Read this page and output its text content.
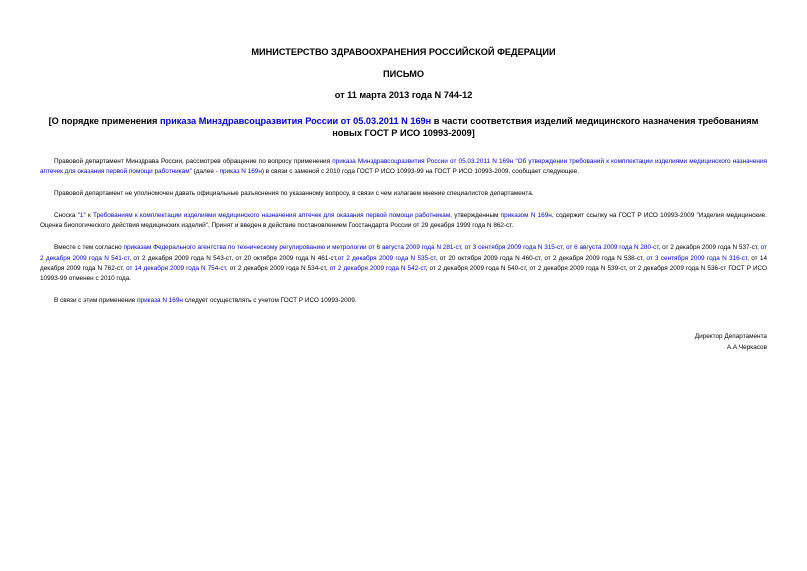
МИНИСТЕРСТВО ЗДРАВООХРАНЕНИЯ РОССИЙСКОЙ ФЕДЕРАЦИИ
ПИСЬМО
от 11 марта 2013 года N 744-12

[О порядке применения приказа Минздравсоцразвития России от 05.03.2011 N 169н в части соответствия изделий медицинского назначения требованиям новых ГОСТ Р ИСО 10993-2009]

Правовой департамент Минздрава России, рассмотрев обращение по вопросу применения приказа Минздравсоцразвития России от 05.03.2011 N 169н "Об утверждении требований к комплектации изделиями медицинского назначения аптечек для оказания первой помощи работникам" (далее - приказ N 169н) в связи с заменой с 2010 года ГОСТ Р ИСО 10993-99 на ГОСТ Р ИСО 10993-2009, сообщает следующее.

Правовой департамент не уполномочен давать официальные разъяснения по указанному вопросу, в связи с чем излагаем мнение специалистов департамента.

Сноска "1" к Требованиям к комплектации изделиями медицинского назначения аптечек для оказания первой помощи работникам, утвержденным приказом N 169н, содержит ссылку на ГОСТ Р ИСО 10993-2009 "Изделия медицинские. Оценка биологического действия медицинских изделий", Принят и введен в действие постановлением Госстандарта России от 29 декабря 1999 года N 862-ст.

Вместе с тем согласно приказам Федерального агентства по техническому регулированию и метрологии от 6 августа 2009 года N 281-ст, от 3 сентября 2009 года N 315-ст, от 6 августа 2009 года N 280-ст, от 2 декабря 2009 года N 537-ст, от 2 декабря 2009 года N 541-ст, от 2 декабря 2009 года N 543-ст, от 20 октября 2009 года N 461-ст,от 2 декабря 2009 года N 535-ст, от 20 октября 2009 года N 460-ст, от 2 декабря 2009 года N 538-ст, от 3 сентября 2009 года N 316-ст, от 14 декабря 2009 года N 762-ст, от 14 декабря 2009 года N 754-ст, от 2 декабря 2009 года N 534-ст, от 2 декабря 2009 года N 542-ст, от 2 декабря 2009 года N 540-ст, от 2 декабря 2009 года N 539-ст, от 2 декабря 2009 года N 536-ст ГОСТ Р ИСО 10993-99 отменен с 2010 года.

В связи с этим применение приказа N 169н следует осуществлять с учетом ГОСТ Р ИСО 10993-2009.

Директор Департамента
А.А.Черкасов
